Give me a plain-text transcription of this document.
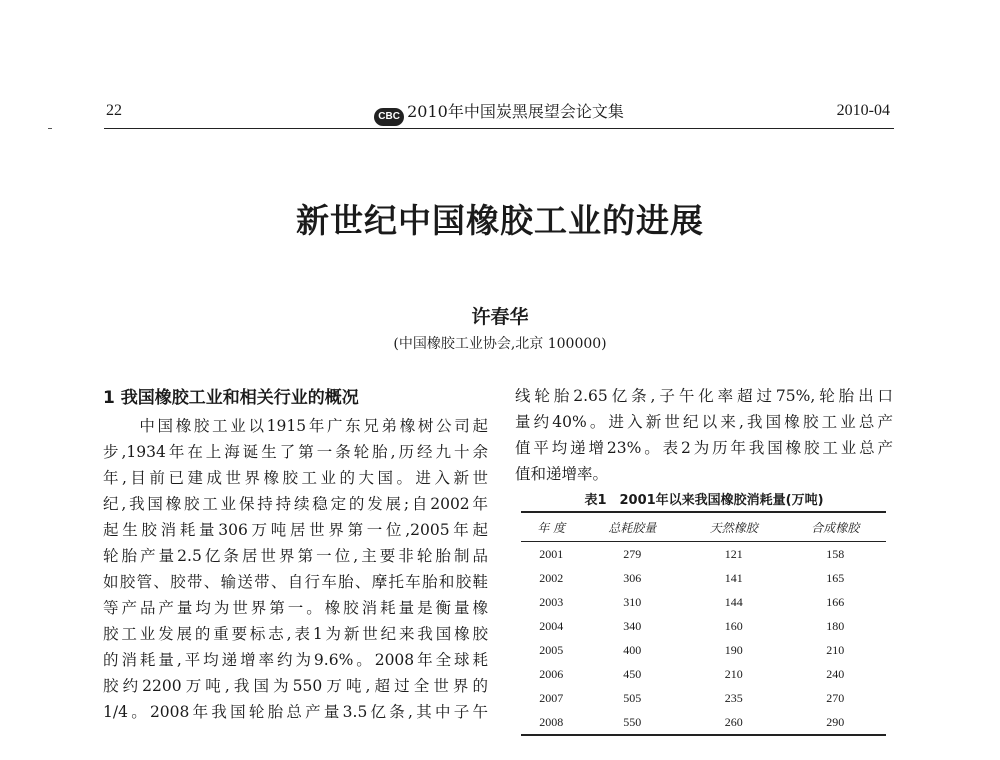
22	CBC 2010年中国炭黑展望会论文集	2010-04
新世纪中国橡胶工业的进展
许春华
(中国橡胶工业协会,北京 100000)
1 我国橡胶工业和相关行业的概况
　　中国橡胶工业以1915年广东兄弟橡树公司起
步,1934年在上海诞生了第一条轮胎,历经九十余
年,目前已建成世界橡胶工业的大国。进入新世
纪,我国橡胶工业保持持续稳定的发展;自2002年
起生胶消耗量306万吨居世界第一位,2005年起
轮胎产量2.5亿条居世界第一位,主要非轮胎制品
如胶管、胶带、输送带、自行车胎、摩托车胎和胶鞋
等产品产量均为世界第一。橡胶消耗量是衡量橡
胶工业发展的重要标志,表1为新世纪来我国橡胶
的消耗量,平均递增率约为9.6%。2008年全球耗
胶约2200万吨,我国为550万吨,超过全世界的
1/4。2008年我国轮胎总产量3.5亿条,其中子午
线轮胎2.65亿条,子午化率超过75%,轮胎出口
量约40%。进入新世纪以来,我国橡胶工业总产
值平均递增23%。表2为历年我国橡胶工业总产
值和递增率。
表1　2001年以来我国橡胶消耗量(万吨)
年 度	总耗胶量	天然橡胶	合成橡胶
2001	279	121	158
2002	306	141	165
2003	310	144	166
2004	340	160	180
2005	400	190	210
2006	450	210	240
2007	505	235	270
2008	550	260	290
